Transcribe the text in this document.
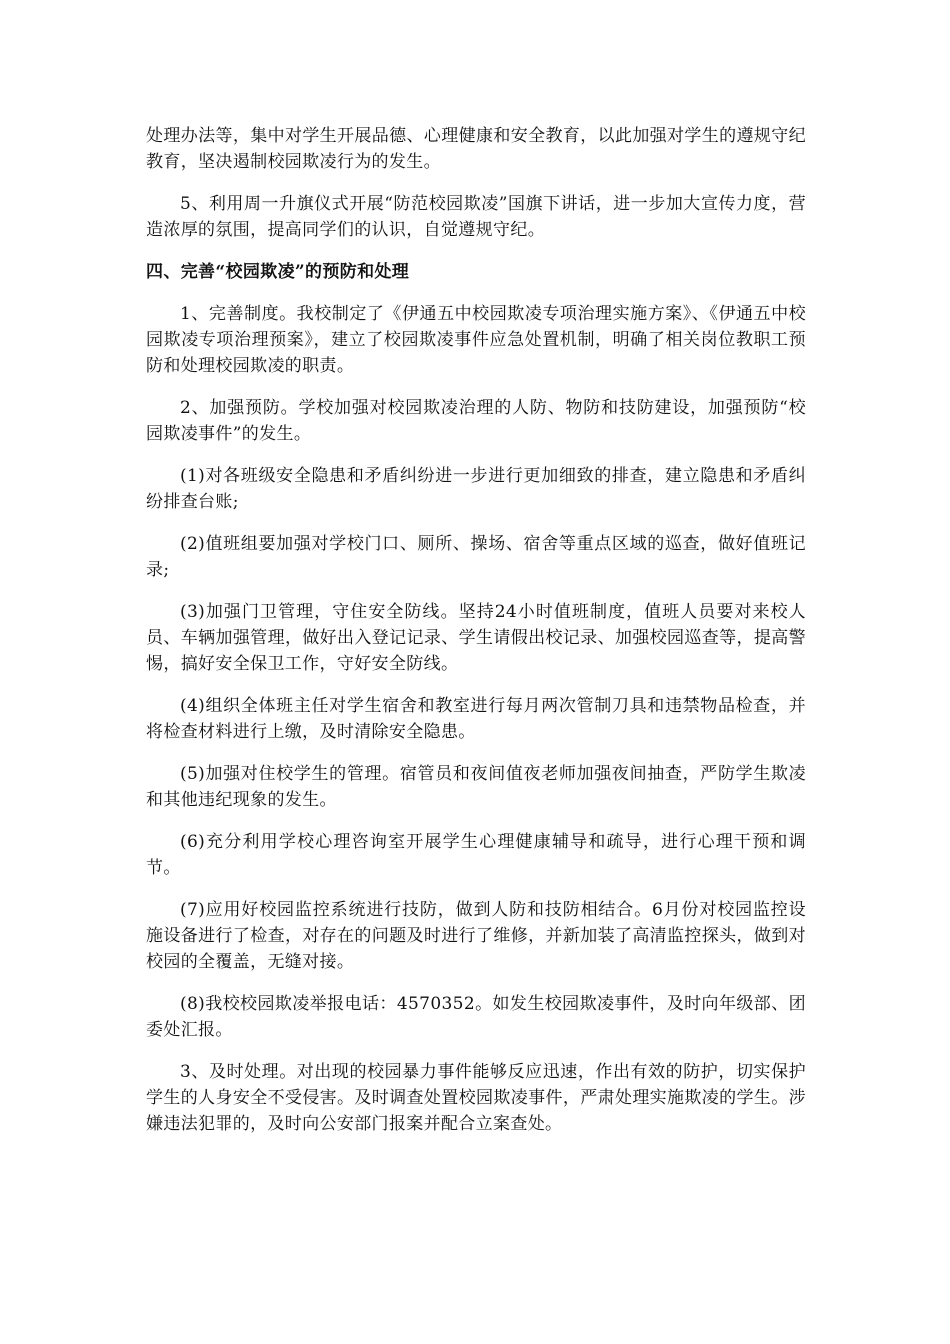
处理办法等，集中对学生开展品德、心理健康和安全教育，以此加强对学生的遵规守纪教育，坚决遏制校园欺凌行为的发生。

5、利用周一升旗仪式开展“防范校园欺凌”国旗下讲话，进一步加大宣传力度，营造浓厚的氛围，提高同学们的认识，自觉遵规守纪。

四、完善“校园欺凌”的预防和处理

1、完善制度。我校制定了《伊通五中校园欺凌专项治理实施方案》、《伊通五中校园欺凌专项治理预案》，建立了校园欺凌事件应急处置机制，明确了相关岗位教职工预防和处理校园欺凌的职责。

2、加强预防。学校加强对校园欺凌治理的人防、物防和技防建设，加强预防“校园欺凌事件”的发生。

(1)对各班级安全隐患和矛盾纠纷进一步进行更加细致的排查，建立隐患和矛盾纠纷排查台账;

(2)值班组要加强对学校门口、厕所、操场、宿舍等重点区域的巡查，做好值班记录;

(3)加强门卫管理，守住安全防线。坚持24小时值班制度，值班人员要对来校人员、车辆加强管理，做好出入登记记录、学生请假出校记录、加强校园巡查等，提高警惕，搞好安全保卫工作，守好安全防线。

(4)组织全体班主任对学生宿舍和教室进行每月两次管制刀具和违禁物品检查，并将检查材料进行上缴，及时清除安全隐患。

(5)加强对住校学生的管理。宿管员和夜间值夜老师加强夜间抽查，严防学生欺凌和其他违纪现象的发生。

(6)充分利用学校心理咨询室开展学生心理健康辅导和疏导，进行心理干预和调节。

(7)应用好校园监控系统进行技防，做到人防和技防相结合。6月份对校园监控设施设备进行了检查，对存在的问题及时进行了维修，并新加装了高清监控探头，做到对校园的全覆盖，无缝对接。

(8)我校校园欺凌举报电话：4570352。如发生校园欺凌事件，及时向年级部、团委处汇报。

3、及时处理。对出现的校园暴力事件能够反应迅速，作出有效的防护，切实保护学生的人身安全不受侵害。及时调查处置校园欺凌事件，严肃处理实施欺凌的学生。涉嫌违法犯罪的，及时向公安部门报案并配合立案查处。
